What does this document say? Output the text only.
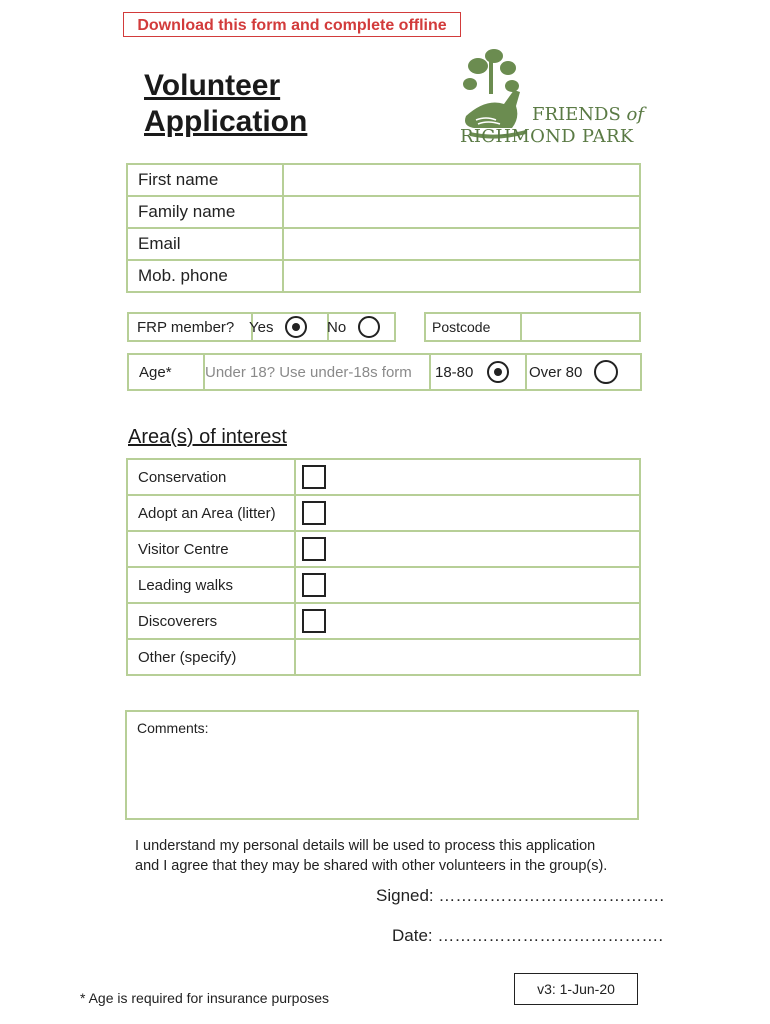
Download this form and complete offline
Volunteer
Application	FRIENDS of
RICHMOND PARK
First name	
Family name	
Email	
Mob. phone	
FRP member? Yes	No	Postcode
Age*	Under 18? Use under-18s form	18-80	Over 80
Area(s) of interest
Conservation	
Adopt an Area (litter)	
Visitor Centre	
Leading walks	
Discoverers	
Other (specify)	
Comments:
I understand my personal details will be used to process this application
and I agree that they may be shared with other volunteers in the group(s).
Signed: ………………………………….
Date: ………………………………….
* Age is required for insurance purposes
v3: 1-Jun-20
